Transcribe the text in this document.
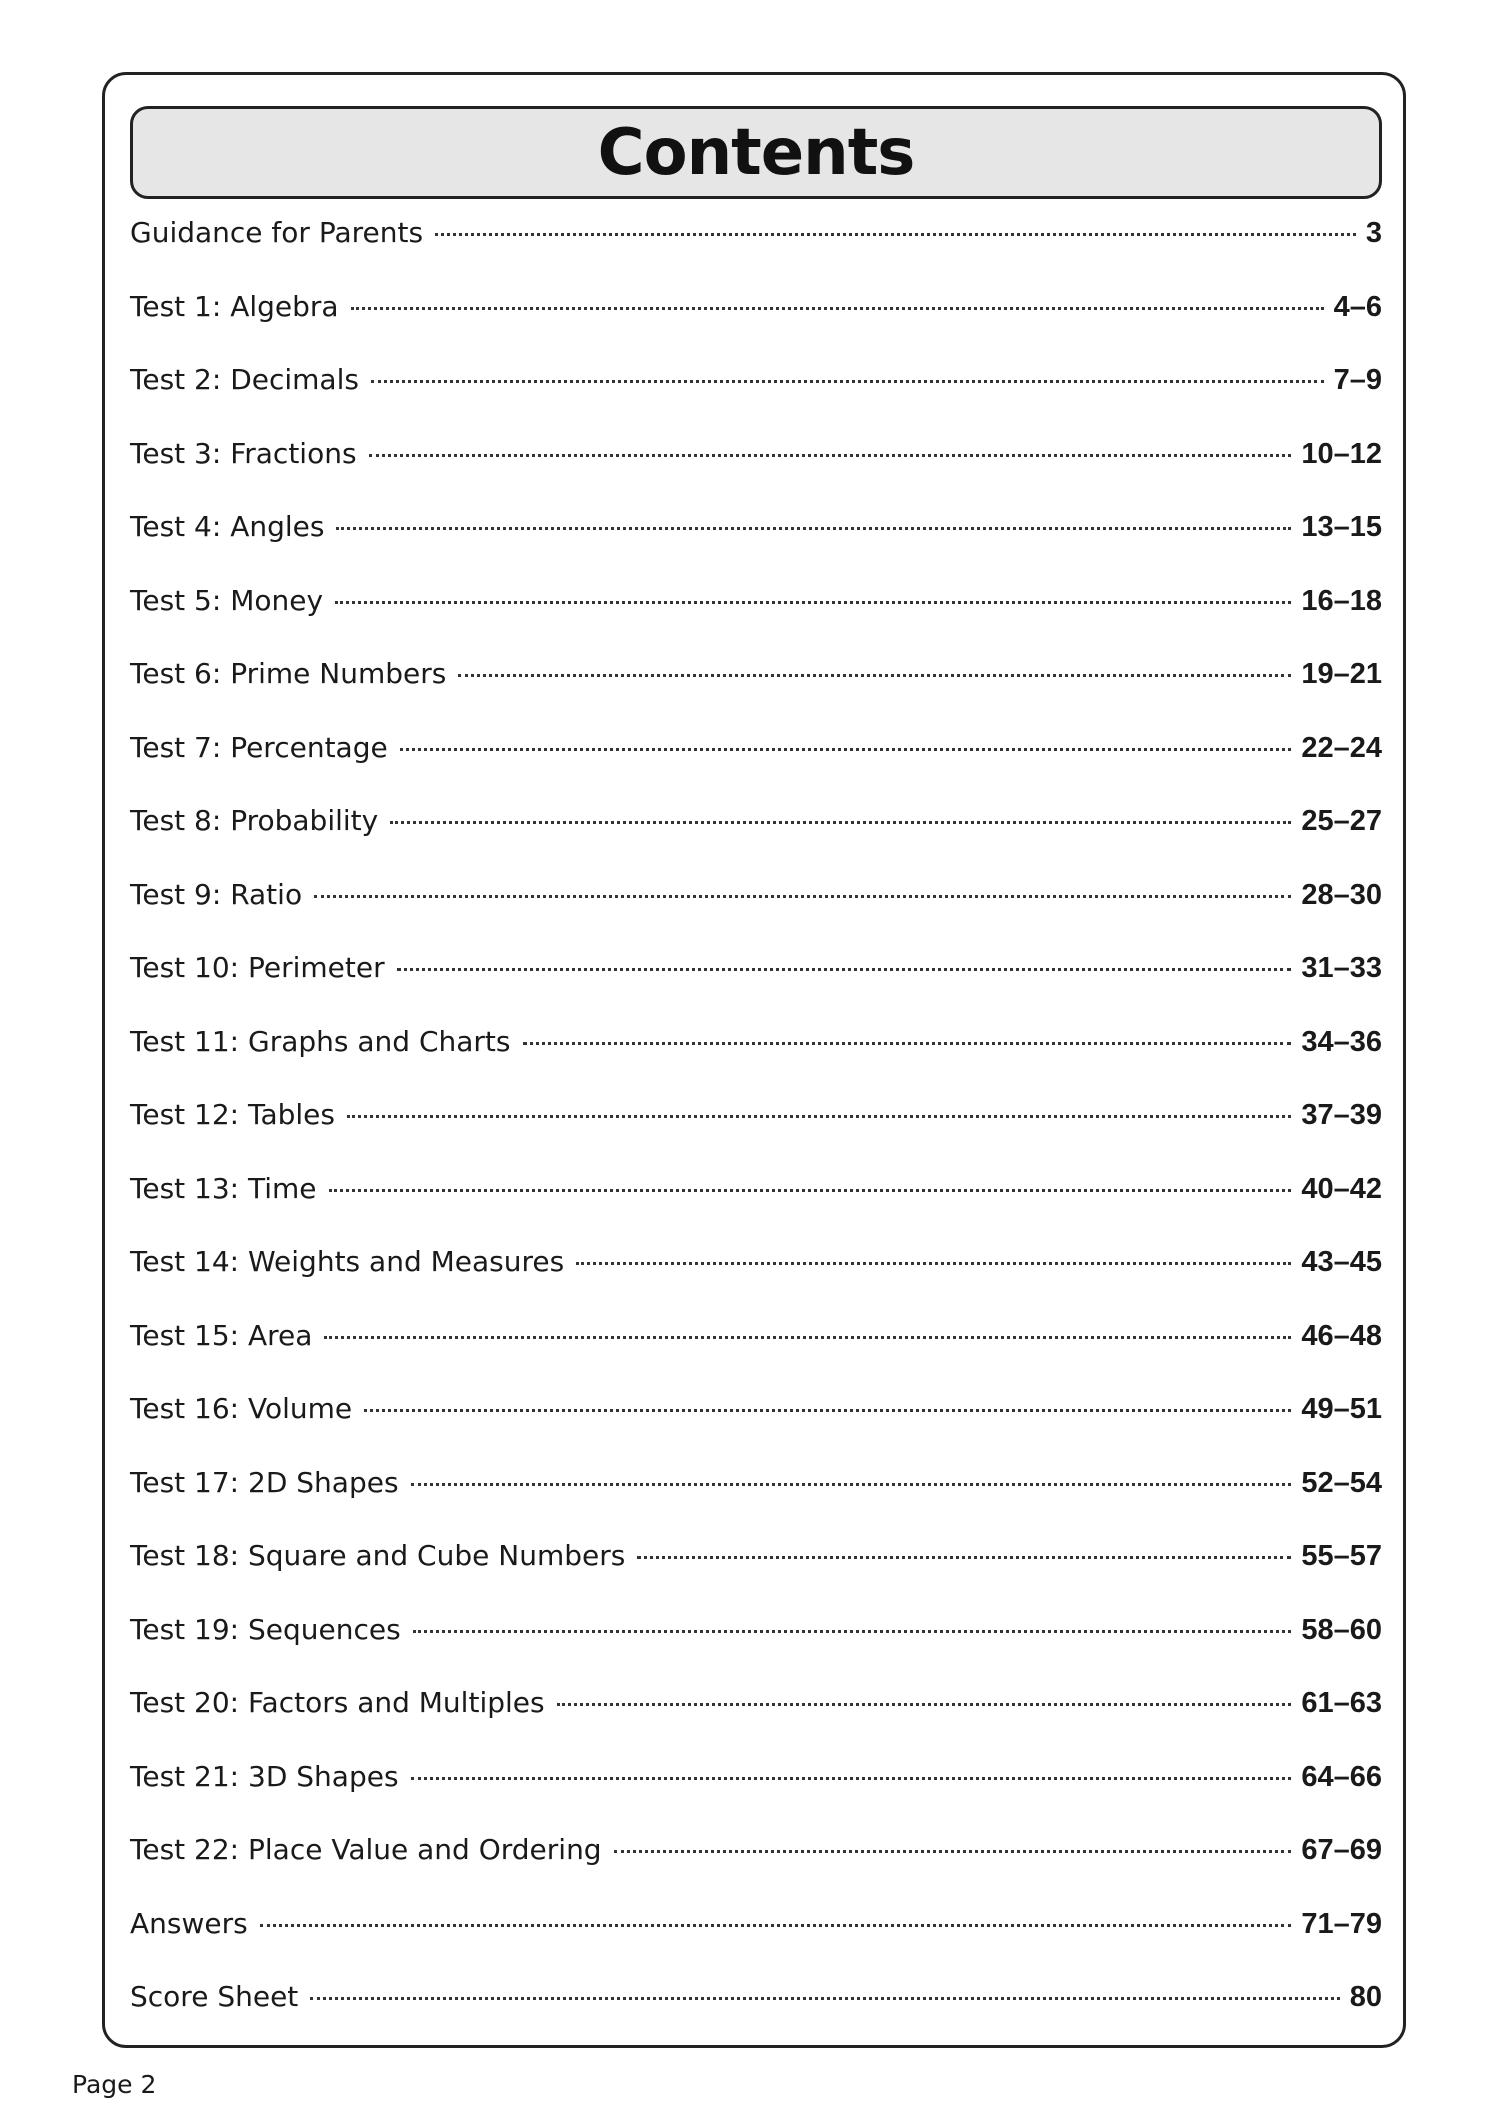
Contents
Guidance for Parents	3
Test 1: Algebra	4–6
Test 2: Decimals	7–9
Test 3: Fractions	10–12
Test 4: Angles	13–15
Test 5: Money	16–18
Test 6: Prime Numbers	19–21
Test 7: Percentage	22–24
Test 8: Probability	25–27
Test 9: Ratio	28–30
Test 10: Perimeter	31–33
Test 11: Graphs and Charts	34–36
Test 12: Tables	37–39
Test 13: Time	40–42
Test 14: Weights and Measures	43–45
Test 15: Area	46–48
Test 16: Volume	49–51
Test 17: 2D Shapes	52–54
Test 18: Square and Cube Numbers	55–57
Test 19: Sequences	58–60
Test 20: Factors and Multiples	61–63
Test 21: 3D Shapes	64–66
Test 22: Place Value and Ordering	67–69
Answers	71–79
Score Sheet	80
Page 2
